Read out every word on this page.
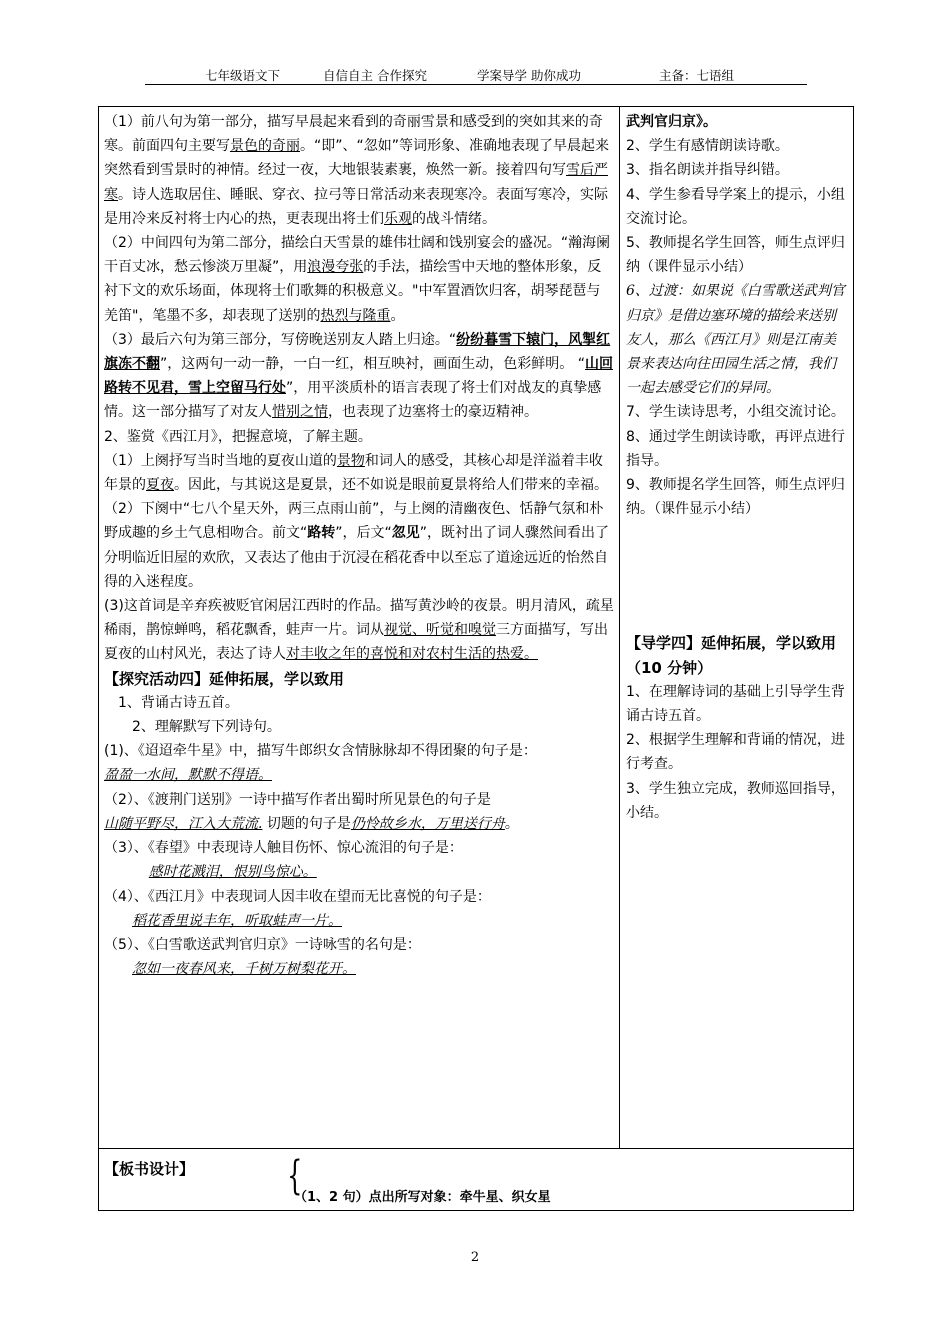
七年级语文下	自信自主 合作探究	学案导学 助你成功	主备：七语组

（1）前八句为第一部分，描写早晨起来看到的奇丽雪景和感受到的突如其来的奇寒。前面四句主要写景色的奇丽。“即”、“忽如”等词形象、准确地表现了早晨起来突然看到雪景时的神情。经过一夜，大地银装素裹，焕然一新。接着四句写雪后严寒。诗人选取居住、睡眠、穿衣、拉弓等日常活动来表现寒冷。表面写寒冷，实际是用冷来反衬将士内心的热，更表现出将士们乐观的战斗情绪。

（2）中间四句为第二部分，描绘白天雪景的雄伟壮阔和饯别宴会的盛况。“瀚海阑干百丈冰，愁云惨淡万里凝”，用浪漫夸张的手法，描绘雪中天地的整体形象，反衬下文的欢乐场面，体现将士们歌舞的积极意义。"中军置酒饮归客，胡琴琵琶与羌笛"，笔墨不多，却表现了送别的热烈与隆重。

（3）最后六句为第三部分，写傍晚送别友人踏上归途。“纷纷暮雪下辕门，风掣红旗冻不翻”，这两句一动一静，一白一红，相互映衬，画面生动，色彩鲜明。 “山回路转不见君，雪上空留马行处”，用平淡质朴的语言表现了将士们对战友的真挚感情。这一部分描写了对友人惜别之情，也表现了边塞将士的豪迈精神。

2、鉴赏《西江月》，把握意境，了解主题。

（1）上阕抒写当时当地的夏夜山道的景物和词人的感受，其核心却是洋溢着丰收年景的夏夜。因此，与其说这是夏景，还不如说是眼前夏景将给人们带来的幸福。

（2）下阕中“七八个星天外，两三点雨山前”，与上阕的清幽夜色、恬静气氛和朴野成趣的乡土气息相吻合。前文“路转”，后文“忽见”，既衬出了词人骤然间看出了分明临近旧屋的欢欣，又表达了他由于沉浸在稻花香中以至忘了道途远近的怡然自得的入迷程度。

(3)这首词是辛弃疾被贬官闲居江西时的作品。描写黄沙岭的夜景。明月清风，疏星稀雨，鹊惊蝉鸣，稻花飘香，蛙声一片。词从视觉、听觉和嗅觉三方面描写，写出夏夜的山村风光，表达了诗人对丰收之年的喜悦和对农村生活的热爱。

【探究活动四】延伸拓展，学以致用

1、背诵古诗五首。

2、理解默写下列诗句。

(1)、《迢迢牵牛星》中，描写牛郎织女含情脉脉却不得团聚的句子是：

盈盈一水间，默默不得语。

（2）、《渡荆门送别》一诗中描写作者出蜀时所见景色的句子是

山随平野尽，江入大荒流. 切题的句子是仍怜故乡水，万里送行舟。

（3）、《春望》中表现诗人触目伤怀、惊心流泪的句子是：

感时花溅泪，恨别鸟惊心。

（4）、《西江月》中表现词人因丰收在望而无比喜悦的句子是：

稻花香里说丰年，听取蛙声一片。

（5）、《白雪歌送武判官归京》一诗咏雪的名句是：

忽如一夜春风来，千树万树梨花开。

武判官归京》。

2、学生有感情朗读诗歌。

3、指名朗读并指导纠错。

4、学生参看导学案上的提示，小组交流讨论。

5、教师提名学生回答，师生点评归纳（课件显示小结）

6、过渡：如果说《白雪歌送武判官归京》是借边塞环境的描绘来送别友人，那么《西江月》则是江南美景来表达向往田园生活之情，我们一起去感受它们的异同。

7、学生读诗思考，小组交流讨论。

8、通过学生朗读诗歌，再评点进行指导。

9、教师提名学生回答，师生点评归纳。（课件显示小结）

【导学四】延伸拓展，学以致用（10 分钟）

1、在理解诗词的基础上引导学生背诵古诗五首。

2、根据学生理解和背诵的情况，进行考查。

3、学生独立完成，教师巡回指导，小结。

【板书设计】 {
（1、2 句）点出所写对象：牵牛星、织女星
2
